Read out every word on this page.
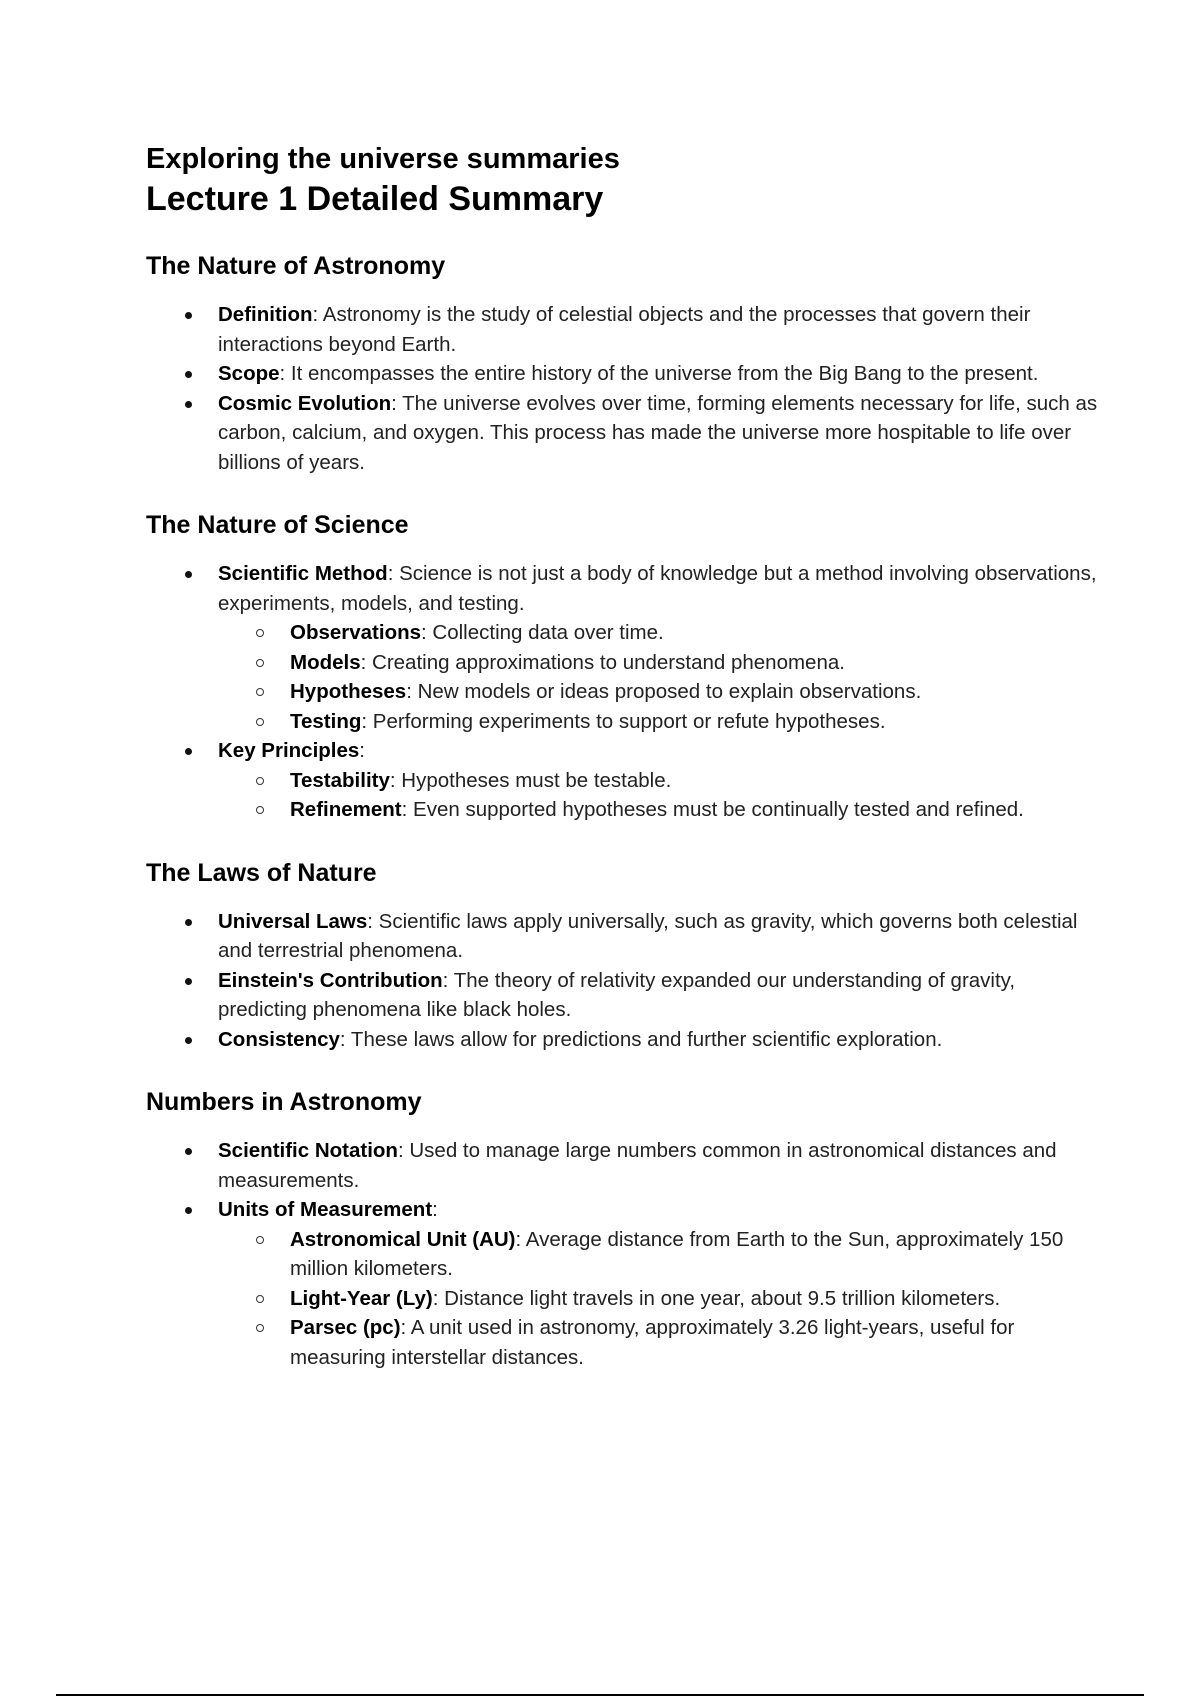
Exploring the universe summaries
Lecture 1 Detailed Summary
The Nature of Astronomy
Definition: Astronomy is the study of celestial objects and the processes that govern their interactions beyond Earth.
Scope: It encompasses the entire history of the universe from the Big Bang to the present.
Cosmic Evolution: The universe evolves over time, forming elements necessary for life, such as carbon, calcium, and oxygen. This process has made the universe more hospitable to life over billions of years.
The Nature of Science
Scientific Method: Science is not just a body of knowledge but a method involving observations, experiments, models, and testing.
Observations: Collecting data over time.
Models: Creating approximations to understand phenomena.
Hypotheses: New models or ideas proposed to explain observations.
Testing: Performing experiments to support or refute hypotheses.
Key Principles:
Testability: Hypotheses must be testable.
Refinement: Even supported hypotheses must be continually tested and refined.
The Laws of Nature
Universal Laws: Scientific laws apply universally, such as gravity, which governs both celestial and terrestrial phenomena.
Einstein's Contribution: The theory of relativity expanded our understanding of gravity, predicting phenomena like black holes.
Consistency: These laws allow for predictions and further scientific exploration.
Numbers in Astronomy
Scientific Notation: Used to manage large numbers common in astronomical distances and measurements.
Units of Measurement:
Astronomical Unit (AU): Average distance from Earth to the Sun, approximately 150 million kilometers.
Light-Year (Ly): Distance light travels in one year, about 9.5 trillion kilometers.
Parsec (pc): A unit used in astronomy, approximately 3.26 light-years, useful for measuring interstellar distances.
